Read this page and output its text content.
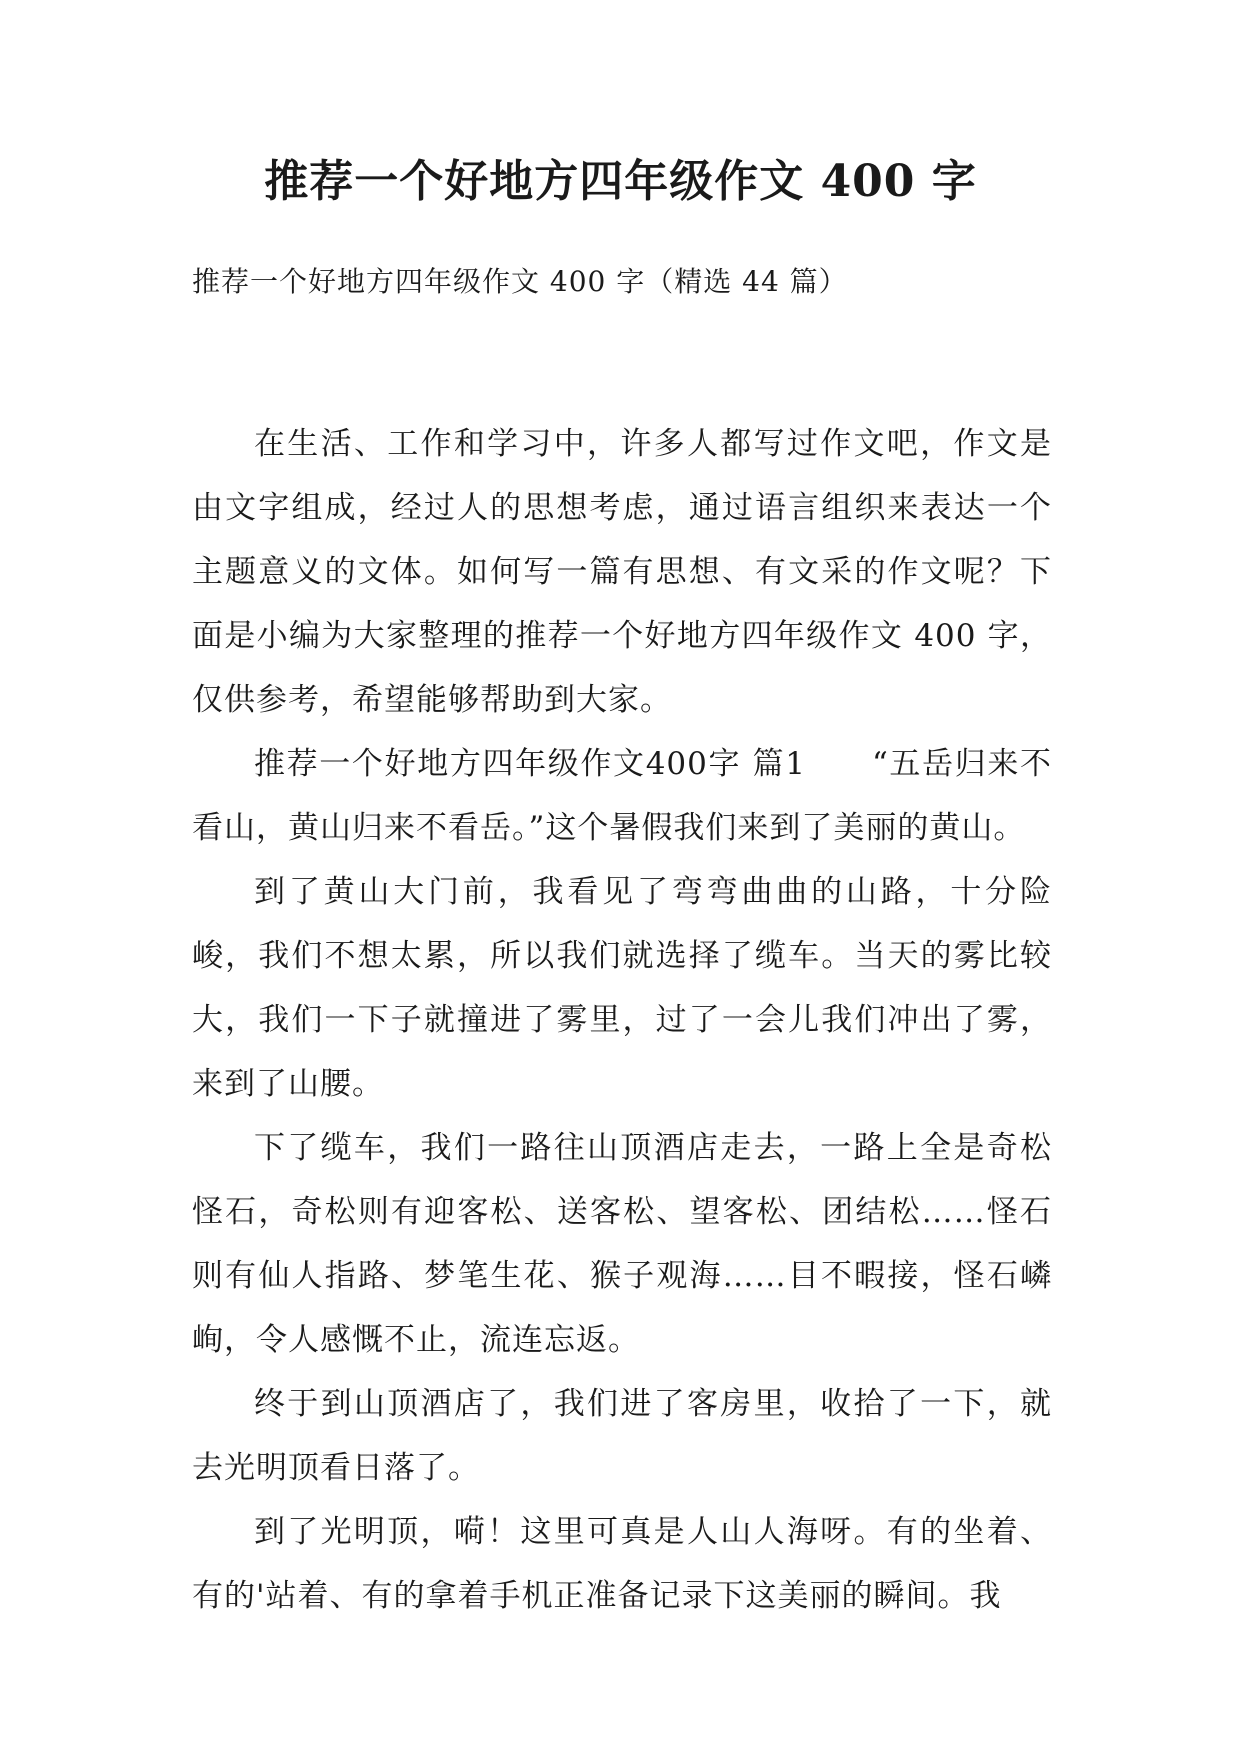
推荐一个好地方四年级作文 400 字
推荐一个好地方四年级作文 400 字（精选 44 篇）

在生活、工作和学习中，许多人都写过作文吧，作文是由文字组成，经过人的思想考虑，通过语言组织来表达一个主题意义的文体。如何写一篇有思想、有文采的作文呢？下面是小编为大家整理的推荐一个好地方四年级作文 400 字，仅供参考，希望能够帮助到大家。

推荐一个好地方四年级作文400字 篇1　　“五岳归来不看山，黄山归来不看岳。”这个暑假我们来到了美丽的黄山。

到了黄山大门前，我看见了弯弯曲曲的山路，十分险峻，我们不想太累，所以我们就选择了缆车。当天的雾比较大，我们一下子就撞进了雾里，过了一会儿我们冲出了雾，来到了山腰。

下了缆车，我们一路往山顶酒店走去，一路上全是奇松怪石，奇松则有迎客松、送客松、望客松、团结松……怪石则有仙人指路、梦笔生花、猴子观海……目不暇接，怪石嶙峋，令人感慨不止，流连忘返。

终于到山顶酒店了，我们进了客房里，收拾了一下，就去光明顶看日落了。

到了光明顶，嗬！这里可真是人山人海呀。有的坐着、有的'站着、有的拿着手机正准备记录下这美丽的瞬间。我
